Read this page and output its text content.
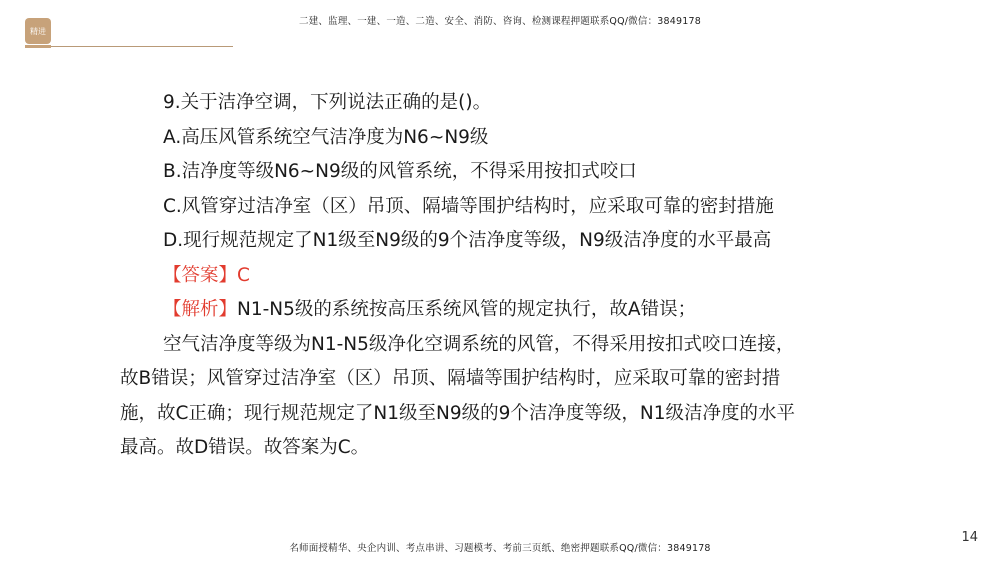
精进
二建、监理、一建、一造、二造、安全、消防、咨询、检测课程押题联系QQ/微信：3849178

9.关于洁净空调，下列说法正确的是()。

A.高压风管系统空气洁净度为N6~N9级

B.洁净度等级N6~N9级的风管系统，不得采用按扣式咬口

C.风管穿过洁净室（区）吊顶、隔墙等围护结构时，应采取可靠的密封措施

D.现行规范规定了N1级至N9级的9个洁净度等级，N9级洁净度的水平最高

【答案】C

【解析】N1-N5级的系统按高压系统风管的规定执行，故A错误；

空气洁净度等级为N1-N5级净化空调系统的风管，不得采用按扣式咬口连接，故B错误；风管穿过洁净室（区）吊顶、隔墙等围护结构时，应采取可靠的密封措施，故C正确；现行规范规定了N1级至N9级的9个洁净度等级，N1级洁净度的水平最高。故D错误。故答案为C。

名师面授精华、央企内训、考点串讲、习题模考、考前三页纸、绝密押题联系QQ/微信：3849178
14
